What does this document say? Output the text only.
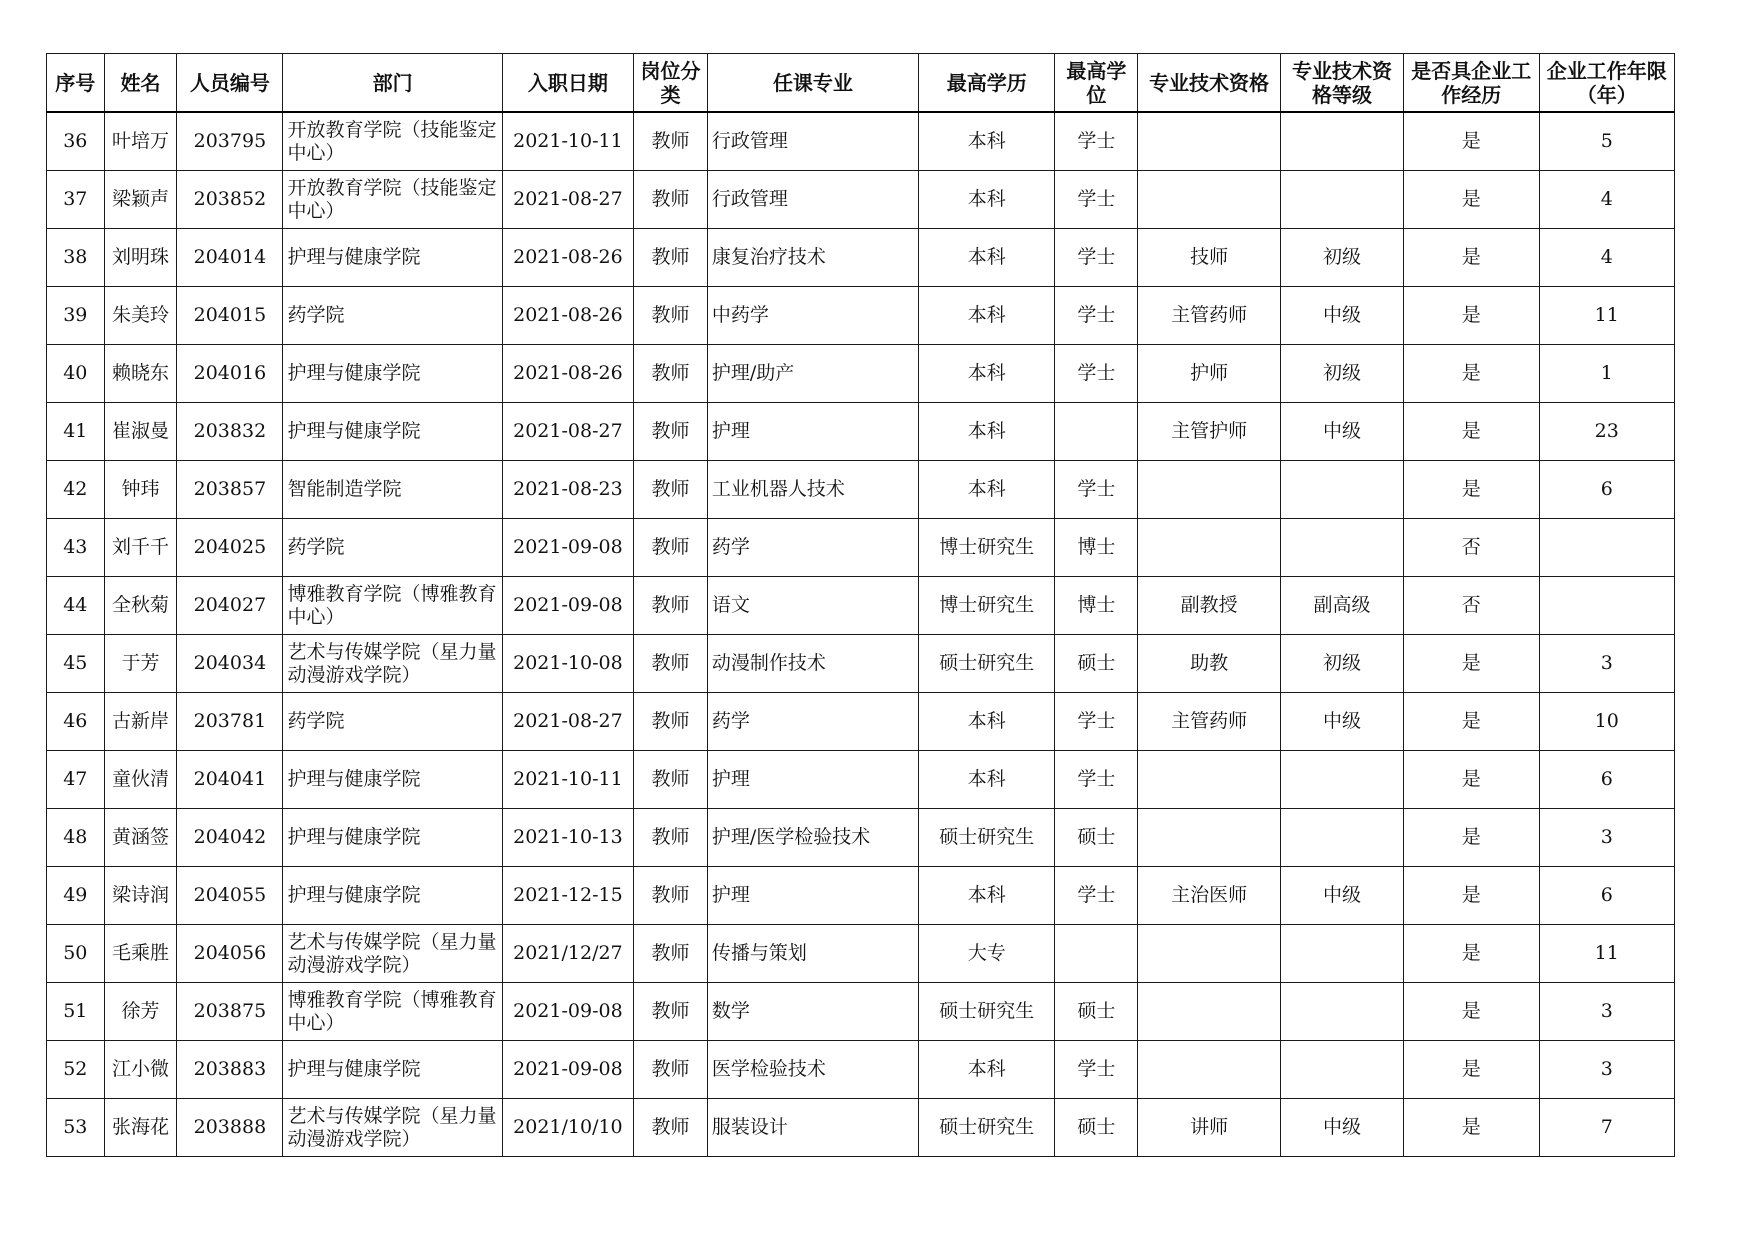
序号	姓名	人员编号	部门	入职日期	岗位分类	任课专业	最高学历	最高学位	专业技术资格	专业技术资格等级	是否具企业工作经历	企业工作年限（年）
36	叶培万	203795	开放教育学院（技能鉴定中心）	2021-10-11	教师	行政管理	本科	学士			是	5
37	梁颖声	203852	开放教育学院（技能鉴定中心）	2021-08-27	教师	行政管理	本科	学士			是	4
38	刘明珠	204014	护理与健康学院	2021-08-26	教师	康复治疗技术	本科	学士	技师	初级	是	4
39	朱美玲	204015	药学院	2021-08-26	教师	中药学	本科	学士	主管药师	中级	是	11
40	赖晓东	204016	护理与健康学院	2021-08-26	教师	护理/助产	本科	学士	护师	初级	是	1
41	崔淑曼	203832	护理与健康学院	2021-08-27	教师	护理	本科		主管护师	中级	是	23
42	钟玮	203857	智能制造学院	2021-08-23	教师	工业机器人技术	本科	学士			是	6
43	刘千千	204025	药学院	2021-09-08	教师	药学	博士研究生	博士			否	
44	全秋菊	204027	博雅教育学院（博雅教育中心）	2021-09-08	教师	语文	博士研究生	博士	副教授	副高级	否	
45	于芳	204034	艺术与传媒学院（星力量动漫游戏学院）	2021-10-08	教师	动漫制作技术	硕士研究生	硕士	助教	初级	是	3
46	古新岸	203781	药学院	2021-08-27	教师	药学	本科	学士	主管药师	中级	是	10
47	童伙清	204041	护理与健康学院	2021-10-11	教师	护理	本科	学士			是	6
48	黄涵签	204042	护理与健康学院	2021-10-13	教师	护理/医学检验技术	硕士研究生	硕士			是	3
49	梁诗润	204055	护理与健康学院	2021-12-15	教师	护理	本科	学士	主治医师	中级	是	6
50	毛乘胜	204056	艺术与传媒学院（星力量动漫游戏学院）	2021/12/27	教师	传播与策划	大专				是	11
51	徐芳	203875	博雅教育学院（博雅教育中心）	2021-09-08	教师	数学	硕士研究生	硕士			是	3
52	江小微	203883	护理与健康学院	2021-09-08	教师	医学检验技术	本科	学士			是	3
53	张海花	203888	艺术与传媒学院（星力量动漫游戏学院）	2021/10/10	教师	服装设计	硕士研究生	硕士	讲师	中级	是	7
